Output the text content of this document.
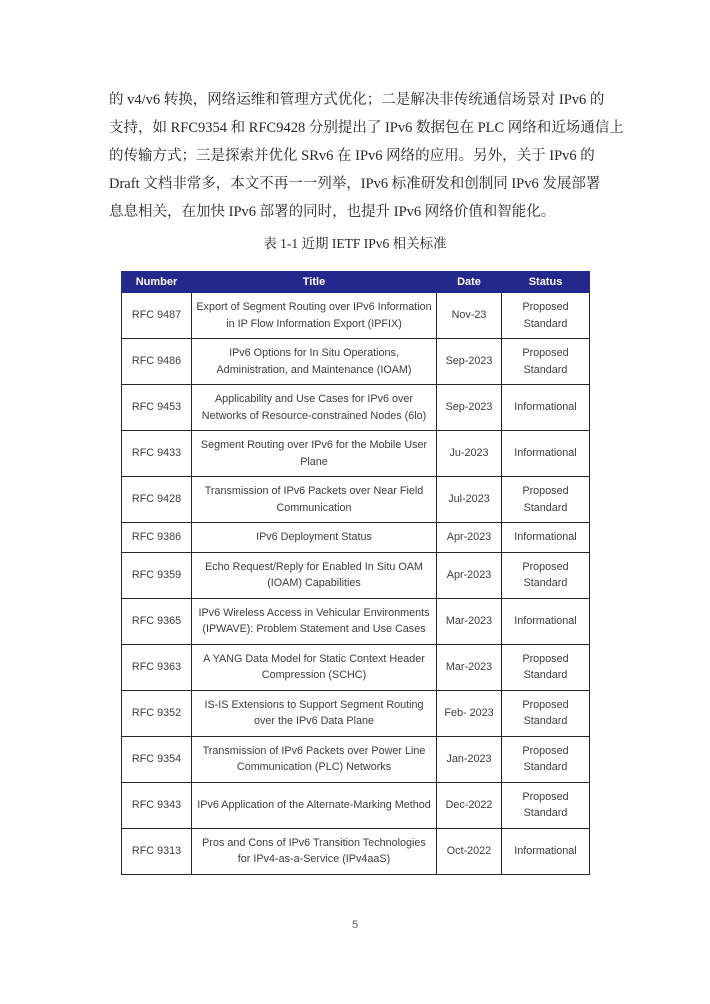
的 v4/v6 转换，网络运维和管理方式优化；二是解决非传统通信场景对 IPv6 的
支持，如 RFC9354 和 RFC9428 分别提出了 IPv6 数据包在 PLC 网络和近场通信上
的传输方式；三是探索并优化 SRv6 在 IPv6 网络的应用。另外，关于 IPv6 的
Draft 文档非常多，本文不再一一列举，IPv6 标准研发和创制同 IPv6 发展部署
息息相关，在加快 IPv6 部署的同时，也提升 IPv6 网络价值和智能化。
表 1-1 近期 IETF IPv6 相关标准
Number	Title	Date	Status
RFC 9487	Export of Segment Routing over IPv6 Information in IP Flow Information Export (IPFIX)	Nov-23	Proposed Standard
RFC 9486	IPv6 Options for In Situ Operations, Administration, and Maintenance (IOAM)	Sep-2023	Proposed Standard
RFC 9453	Applicability and Use Cases for IPv6 over Networks of Resource-constrained Nodes (6lo)	Sep-2023	Informational
RFC 9433	Segment Routing over IPv6 for the Mobile User Plane	Ju-2023	Informational
RFC 9428	Transmission of IPv6 Packets over Near Field Communication	Jul-2023	Proposed Standard
RFC 9386	IPv6 Deployment Status	Apr-2023	Informational
RFC 9359	Echo Request/Reply for Enabled In Situ OAM (IOAM) Capabilities	Apr-2023	Proposed Standard
RFC 9365	IPv6 Wireless Access in Vehicular Environments (IPWAVE): Problem Statement and Use Cases	Mar-2023	Informational
RFC 9363	A YANG Data Model for Static Context Header Compression (SCHC)	Mar-2023	Proposed Standard
RFC 9352	IS-IS Extensions to Support Segment Routing over the IPv6 Data Plane	Feb- 2023	Proposed Standard
RFC 9354	Transmission of IPv6 Packets over Power Line Communication (PLC) Networks	Jan-2023	Proposed Standard
RFC 9343	IPv6 Application of the Alternate-Marking Method	Dec-2022	Proposed Standard
RFC 9313	Pros and Cons of IPv6 Transition Technologies for IPv4-as-a-Service (IPv4aaS)	Oct-2022	Informational
5
